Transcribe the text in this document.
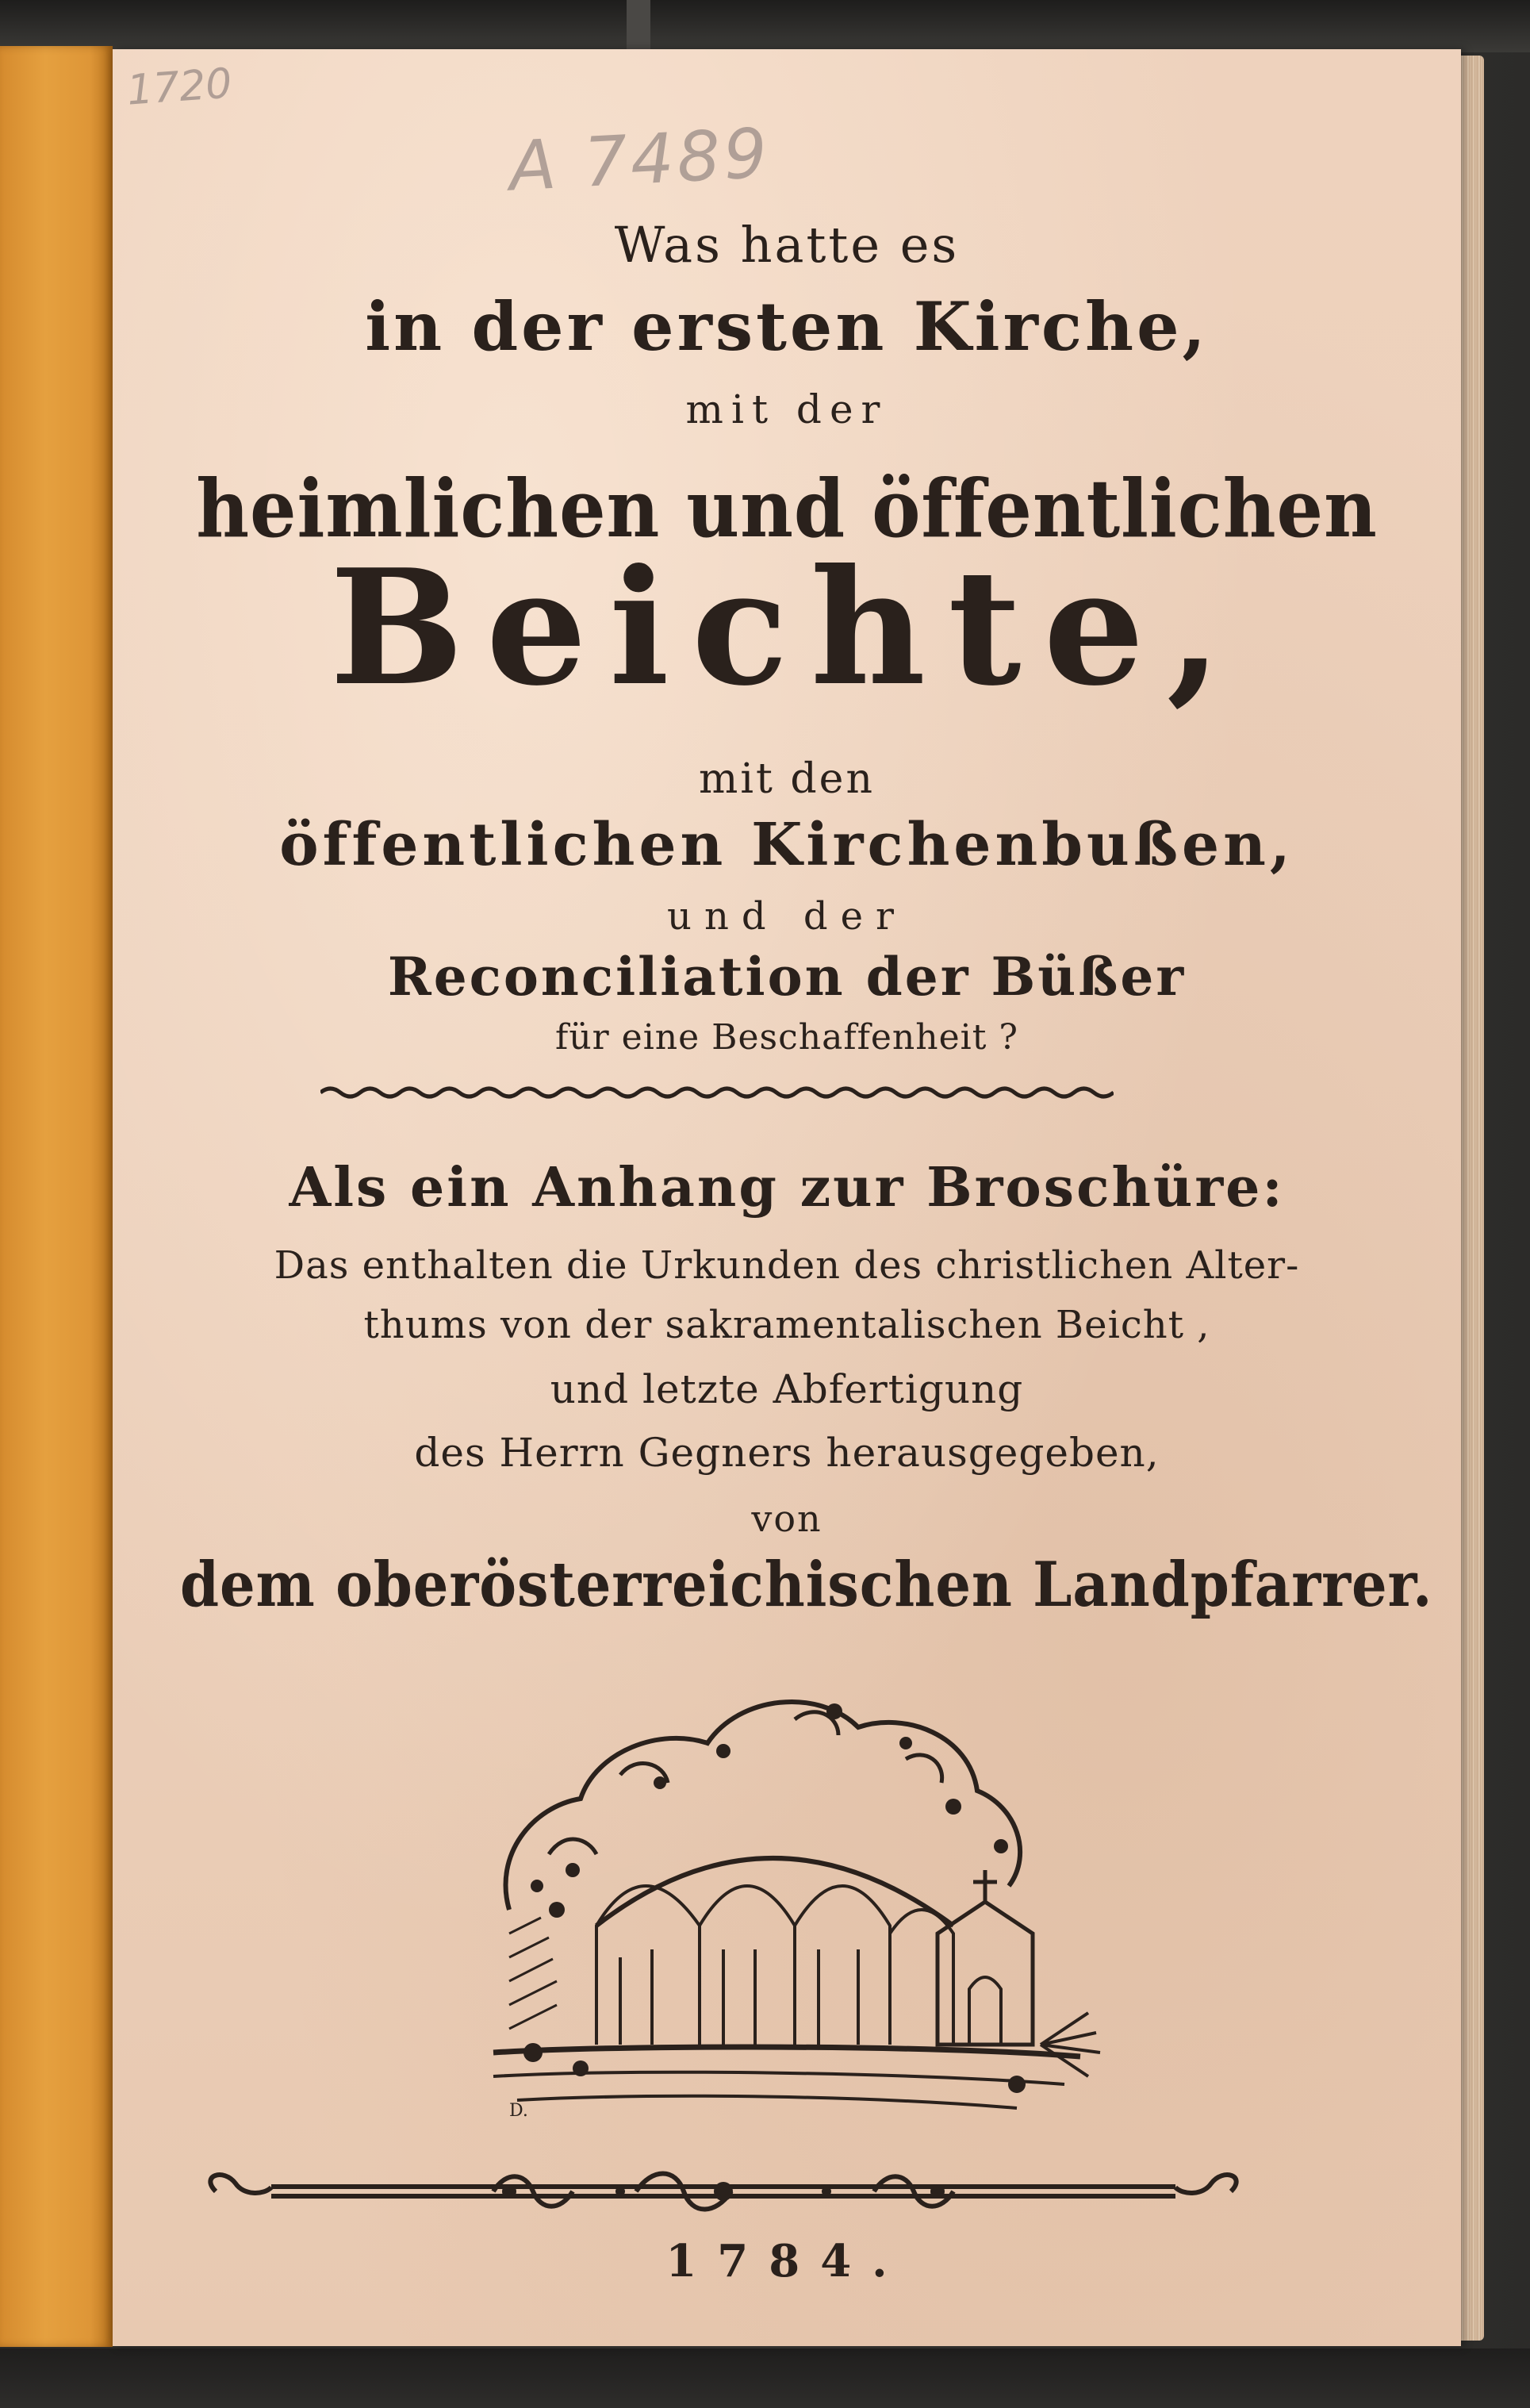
1720
A 7489
Was hatte es
in der ersten Kirche,
mit der
heimlichen und öffentlichen
Beichte,
mit den
öffentlichen Kirchenbußen,
und der
Reconciliation der Büßer
für eine Beschaffenheit ?
Als ein Anhang zur Broschüre:
Das enthalten die Urkunden des christlichen Alter-
thums von der sakramentalischen Beicht ,
und letzte Abfertigung
des Herrn Gegners herausgegeben,
von
dem oberösterreichischen Landpfarrer.
D.
1784.
